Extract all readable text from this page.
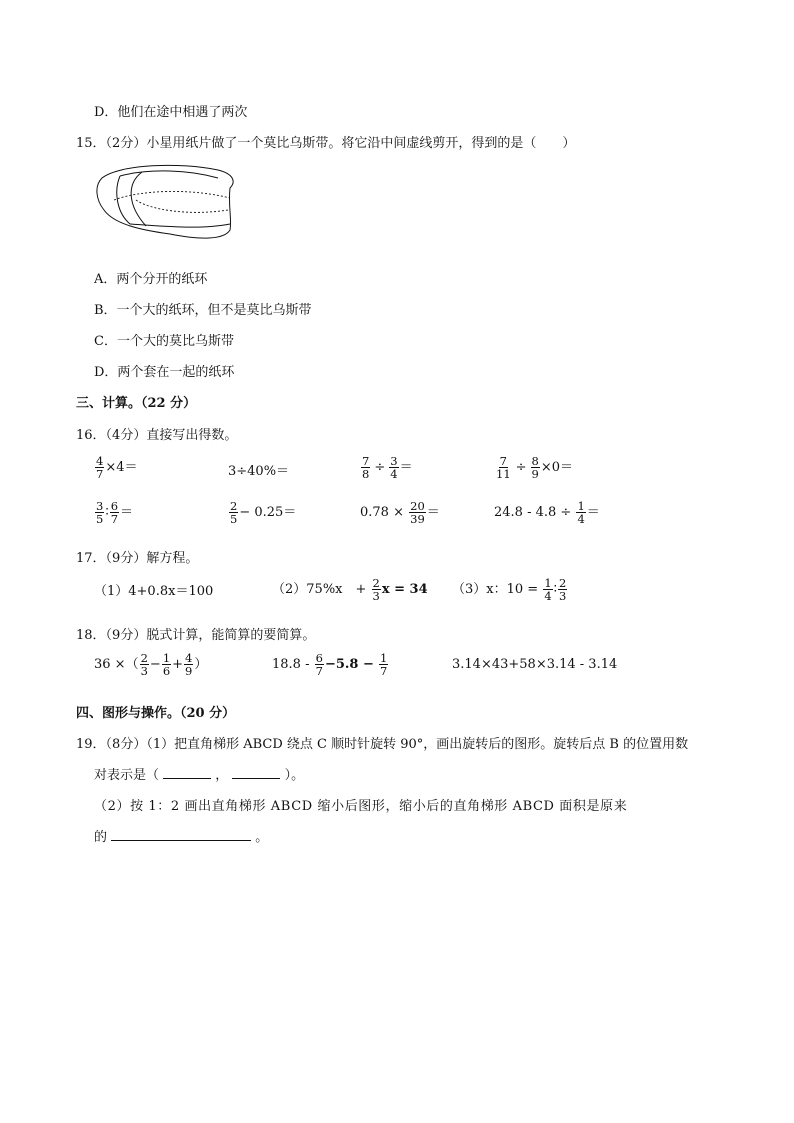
D．他们在途中相遇了两次
15．（2分）小星用纸片做了一个莫比乌斯带。将它沿中间虚线剪开，得到的是（　　）
A．两个分开的纸环
B．一个大的纸环，但不是莫比乌斯带
C．一个大的莫比乌斯带
D．两个套在一起的纸环
三、计算。（22 分）
16．（4分）直接写出得数。
$\frac{4}{7} \times 4=$	3÷40%＝	$\frac{7}{8} \div \frac{3}{4}$ ＝	$\frac{7}{11} \div \frac{8}{9} \times 0=$
$\frac{3}{5}$ ∶ $\frac{6}{7}$ ＝	$\frac{2}{5} - 0.25=$	$0.78 \times \frac{20}{39}$ ＝	$24.8 - 4.8 \div \frac{1}{4}$ ＝
17．（9分）解方程。
（1）4+0.8x＝100	（2）75%x　+ $\frac{2}{3}$ x = 34 （3）x：$10 = \frac{1}{4}$ ∶ $\frac{2}{3}$
18．（9分）脱式计算，能简算的要简算。
36 ×（ $\frac{2}{3} - \frac{1}{6} + \frac{4}{9}$ ）	$18.8 - \frac{6}{7} -5.8 - \frac{1}{7}$	3.14×43+58×3.14 - 3.14
四、图形与操作。（20 分）
19．（8分）（1）把直角梯形 ABCD 绕点 C 顺时针旋转 90°，画出旋转后的图形。旋转后点 B 的位置用数
对表示是（	，	）。
（2）按 1：2 画出直角梯形 ABCD 缩小后图形，缩小后的直角梯形 ABCD 面积是原来
的	。
